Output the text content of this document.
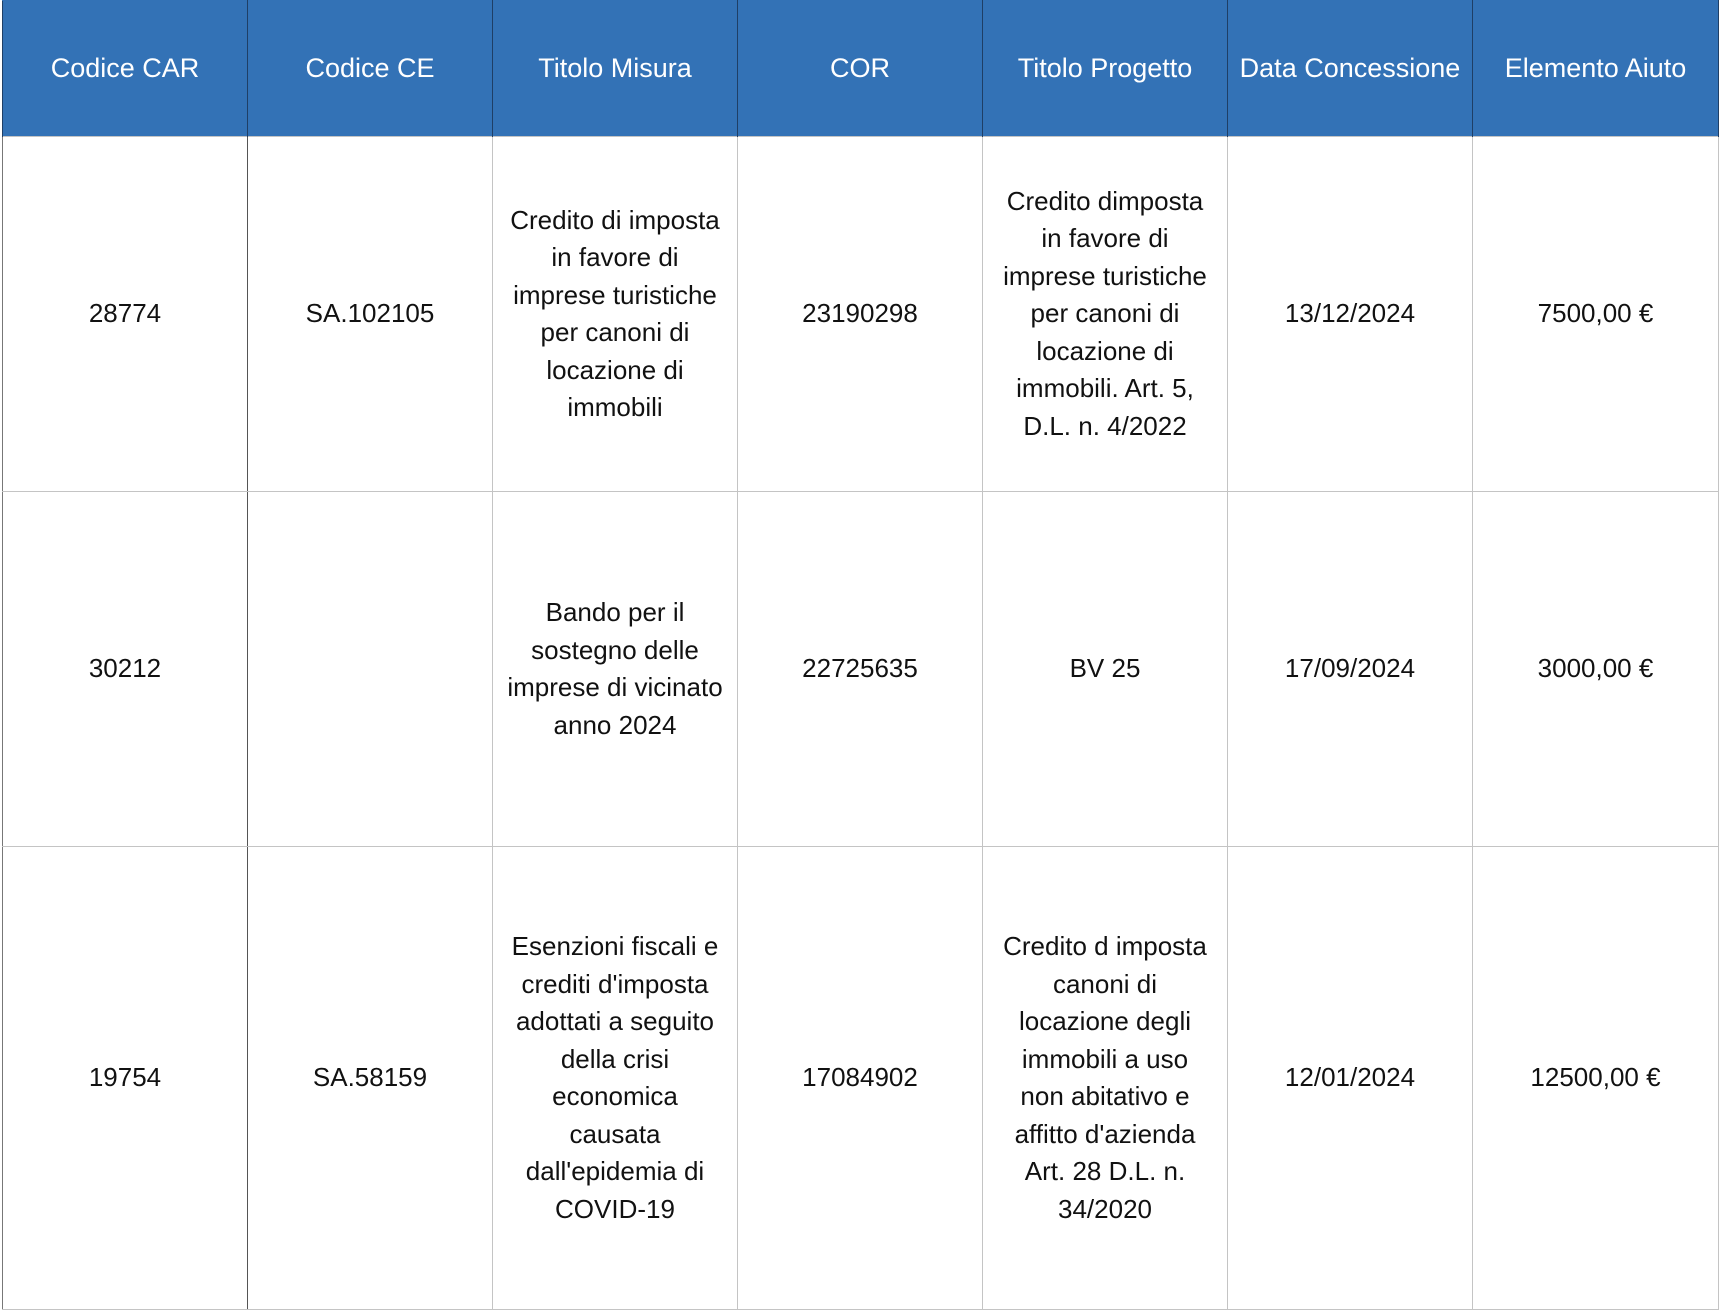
Codice CAR	Codice CE	Titolo Misura	COR	Titolo Progetto	Data Concessione	Elemento Aiuto
28774	SA.102105	Credito di imposta in favore di imprese turistiche per canoni di locazione di immobili	23190298	Credito dimposta in favore di imprese turistiche per canoni di locazione di immobili. Art. 5, D.L. n. 4/2022	13/12/2024	7500,00 €
30212		Bando per il sostegno delle imprese di vicinato anno 2024	22725635	BV 25	17/09/2024	3000,00 €
19754	SA.58159	Esenzioni fiscali e crediti d'imposta adottati a seguito della crisi economica causata dall'epidemia di COVID-19	17084902	Credito d imposta canoni di locazione degli immobili a uso non abitativo e affitto d'azienda Art. 28 D.L. n. 34/2020	12/01/2024	12500,00 €
